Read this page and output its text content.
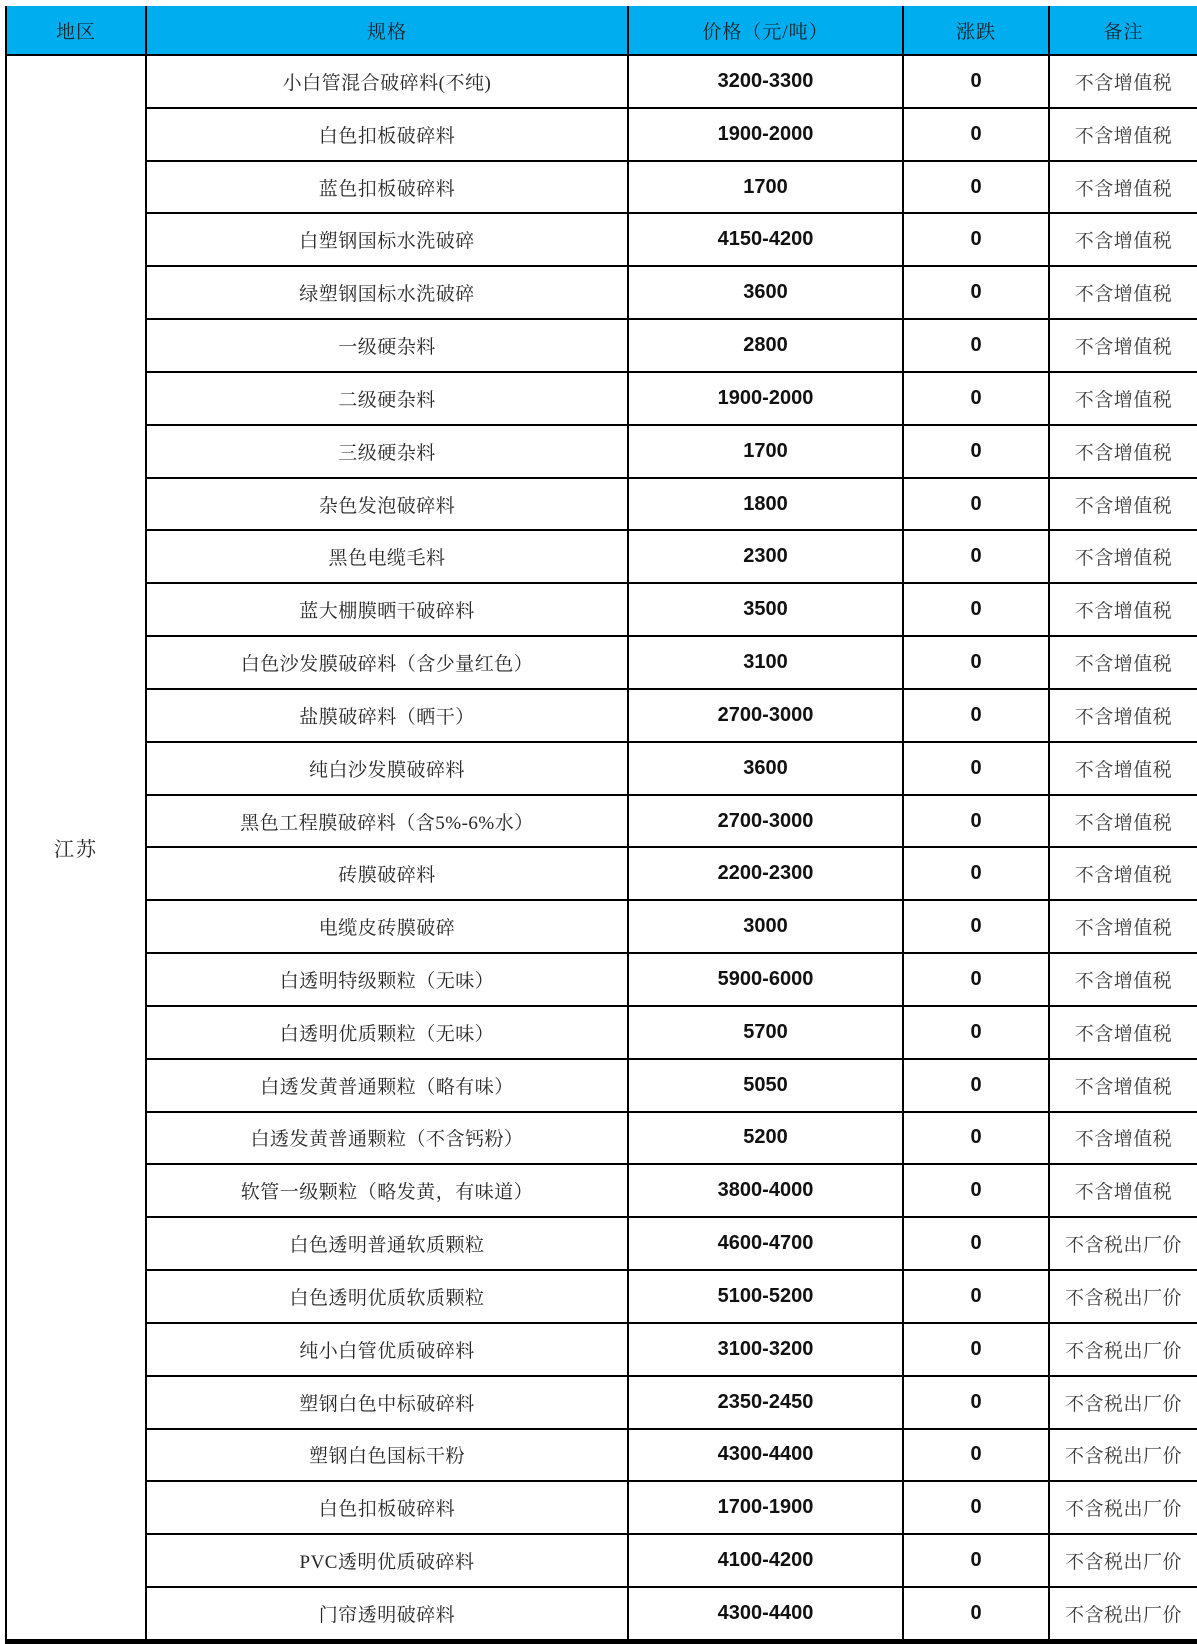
地区	规格	价格（元/吨）	涨跌	备注
江苏
小白管混合破碎料(不纯)	3200-3300	0	不含增值税
白色扣板破碎料	1900-2000	0	不含增值税
蓝色扣板破碎料	1700	0	不含增值税
白塑钢国标水洗破碎	4150-4200	0	不含增值税
绿塑钢国标水洗破碎	3600	0	不含增值税
一级硬杂料	2800	0	不含增值税
二级硬杂料	1900-2000	0	不含增值税
三级硬杂料	1700	0	不含增值税
杂色发泡破碎料	1800	0	不含增值税
黑色电缆毛料	2300	0	不含增值税
蓝大棚膜晒干破碎料	3500	0	不含增值税
白色沙发膜破碎料（含少量红色）	3100	0	不含增值税
盐膜破碎料（晒干）	2700-3000	0	不含增值税
纯白沙发膜破碎料	3600	0	不含增值税
黑色工程膜破碎料（含5%-6%水）	2700-3000	0	不含增值税
砖膜破碎料	2200-2300	0	不含增值税
电缆皮砖膜破碎	3000	0	不含增值税
白透明特级颗粒（无味）	5900-6000	0	不含增值税
白透明优质颗粒（无味）	5700	0	不含增值税
白透发黄普通颗粒（略有味）	5050	0	不含增值税
白透发黄普通颗粒（不含钙粉）	5200	0	不含增值税
软管一级颗粒（略发黄，有味道）	3800-4000	0	不含增值税
白色透明普通软质颗粒	4600-4700	0	不含税出厂价
白色透明优质软质颗粒	5100-5200	0	不含税出厂价
纯小白管优质破碎料	3100-3200	0	不含税出厂价
塑钢白色中标破碎料	2350-2450	0	不含税出厂价
塑钢白色国标干粉	4300-4400	0	不含税出厂价
白色扣板破碎料	1700-1900	0	不含税出厂价
PVC透明优质破碎料	4100-4200	0	不含税出厂价
门帘透明破碎料	4300-4400	0	不含税出厂价
